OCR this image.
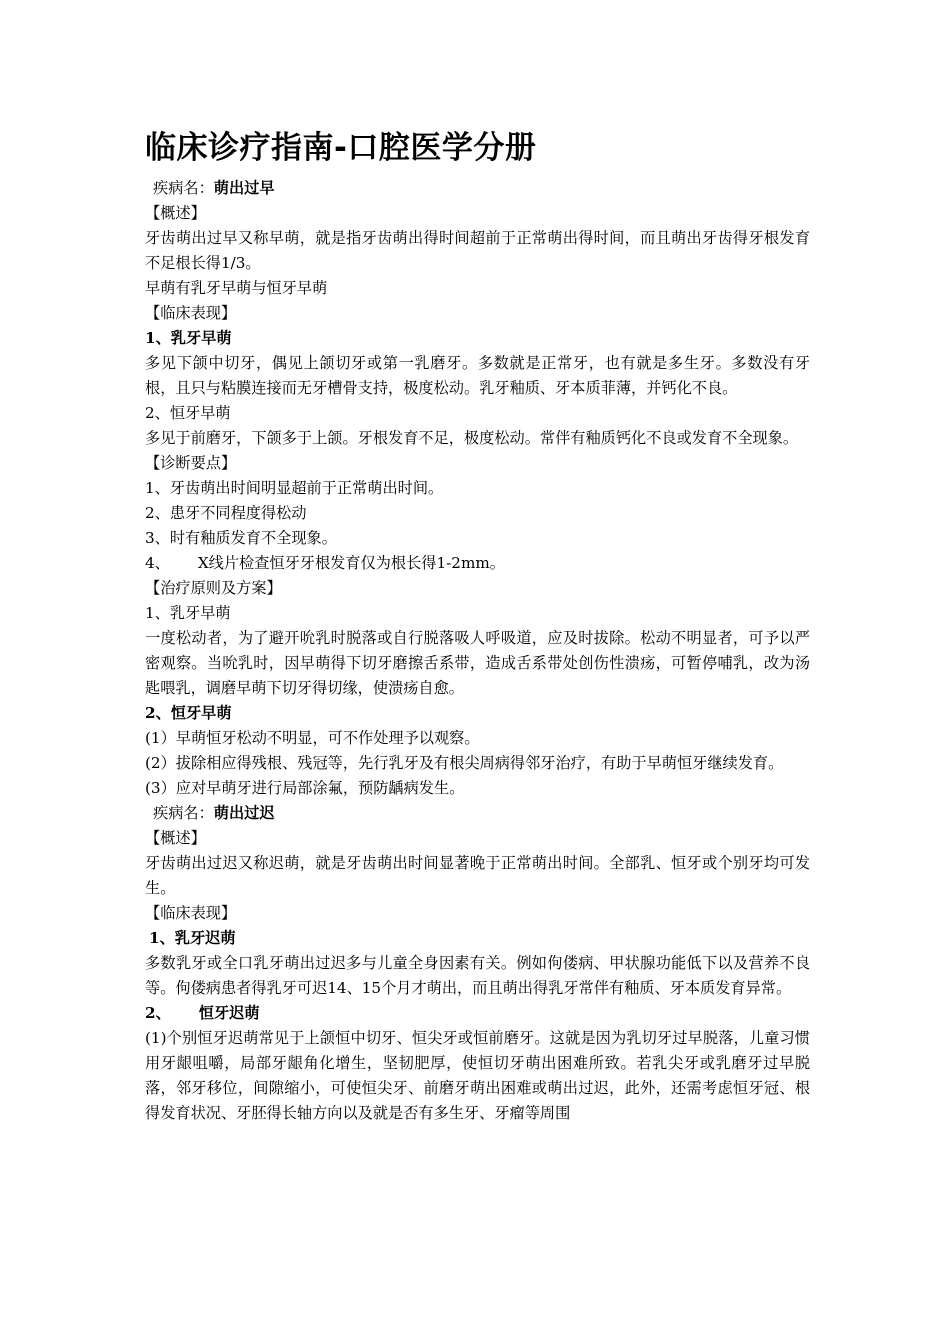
临床诊疗指南-口腔医学分册

疾病名：萌出过早

【概述】

牙齿萌出过早又称早萌，就是指牙齿萌出得时间超前于正常萌出得时间，而且萌出牙齿得牙根发育不足根长得1/3。

早萌有乳牙早萌与恒牙早萌

【临床表现】

1、乳牙早萌

多见下颌中切牙，偶见上颌切牙或第一乳磨牙。多数就是正常牙，也有就是多生牙。多数没有牙根，且只与粘膜连接而无牙槽骨支持，极度松动。乳牙釉质、牙本质菲薄，并钙化不良。

2、恒牙早萌

多见于前磨牙，下颌多于上颌。牙根发育不足，极度松动。常伴有釉质钙化不良或发育不全现象。

【诊断要点】

1、牙齿萌出时间明显超前于正常萌出时间。

2、患牙不同程度得松动

3、时有釉质发育不全现象。

4、 X线片检查恒牙牙根发育仅为根长得1-2mm。

【治疗原则及方案】

1、乳牙早萌

一度松动者，为了避开吮乳时脱落或自行脱落吸人呼吸道，应及时拔除。松动不明显者，可予以严密观察。当吮乳时，因早萌得下切牙磨擦舌系带，造成舌系带处创伤性溃疡，可暂停哺乳，改为汤匙喂乳，调磨早萌下切牙得切缘，使溃疡自愈。

2、恒牙早萌

(1）早萌恒牙松动不明显，可不作处理予以观察。

(2）拔除相应得残根、残冠等，先行乳牙及有根尖周病得邻牙治疗，有助于早萌恒牙继续发育。

(3）应对早萌牙进行局部涂氟，预防龋病发生。

疾病名：萌出过迟

【概述】

牙齿萌出过迟又称迟萌，就是牙齿萌出时间显著晚于正常萌出时间。全部乳、恒牙或个别牙均可发生。

【临床表现】

1、乳牙迟萌

多数乳牙或全口乳牙萌出过迟多与儿童全身因素有关。例如佝偻病、甲状腺功能低下以及营养不良等。佝偻病患者得乳牙可迟14、15个月才萌出，而且萌出得乳牙常伴有釉质、牙本质发育异常。

2、 恒牙迟萌

(1)个别恒牙迟萌常见于上颌恒中切牙、恒尖牙或恒前磨牙。这就是因为乳切牙过早脱落，儿童习惯用牙龈咀嚼，局部牙龈角化增生，坚韧肥厚，使恒切牙萌出困难所致。若乳尖牙或乳磨牙过早脱落，邻牙移位，间隙缩小，可使恒尖牙、前磨牙萌出困难或萌出过迟，此外，还需考虑恒牙冠、根得发育状况、牙胚得长轴方向以及就是否有多生牙、牙瘤等周围
